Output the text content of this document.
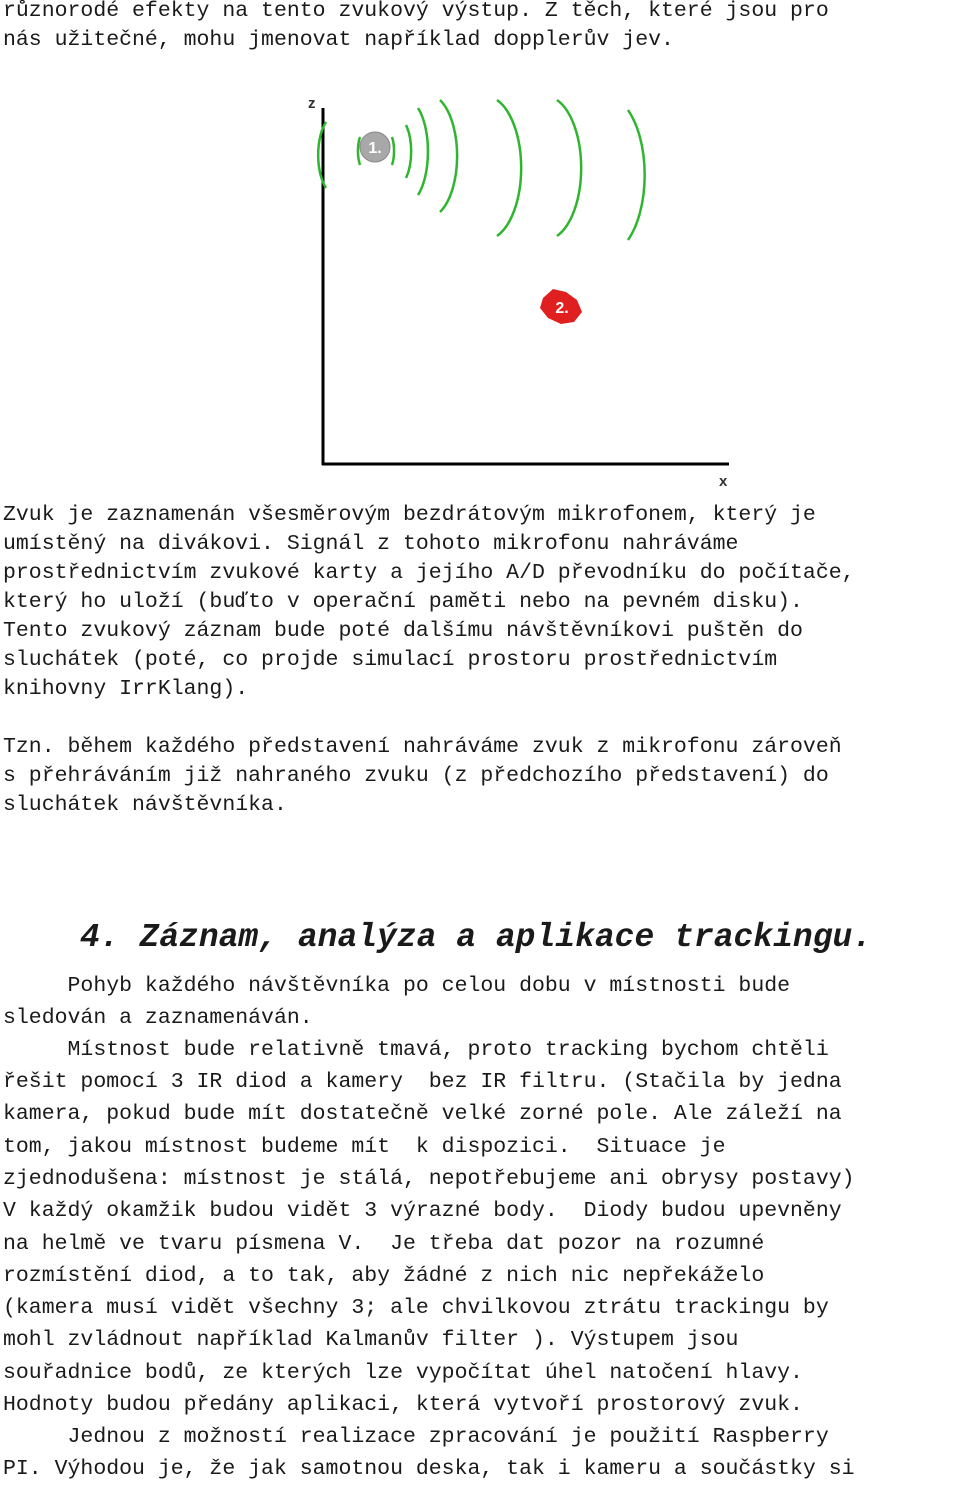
různorodé efekty na tento zvukový výstup. Z těch, které jsou pro
nás užitečné, mohu jmenovat například dopplerův jev.
z
x
1.
2.
Zvuk je zaznamenán všesměrovým bezdrátovým mikrofonem, který je
umístěný na divákovi. Signál z tohoto mikrofonu nahráváme
prostřednictvím zvukové karty a jejího A/D převodníku do počítače,
který ho uloží (buďto v operační paměti nebo na pevném disku).
Tento zvukový záznam bude poté dalšímu návštěvníkovi puštěn do
sluchátek (poté, co projde simulací prostoru prostřednictvím
knihovny IrrKlang).
Tzn. během každého představení nahráváme zvuk z mikrofonu zároveň
s přehráváním již nahraného zvuku (z předchozího představení) do
sluchátek návštěvníka.
4. Záznam, analýza a aplikace trackingu.
Pohyb každého návštěvníka po celou dobu v místnosti bude
sledován a zaznamenáván.
Místnost bude relativně tmavá, proto tracking bychom chtěli
řešit pomocí 3 IR diod a kamery  bez IR filtru. (Stačila by jedna
kamera, pokud bude mít dostatečně velké zorné pole. Ale záleží na
tom, jakou místnost budeme mít  k dispozici.  Situace je
zjednodušena: místnost je stálá, nepotřebujeme ani obrysy postavy)
V každý okamžik budou vidět 3 výrazné body.  Diody budou upevněny
na helmě ve tvaru písmena V.  Je třeba dat pozor na rozumné
rozmístění diod, a to tak, aby žádné z nich nic nepřekáželo
(kamera musí vidět všechny 3; ale chvilkovou ztrátu trackingu by
mohl zvládnout například Kalmanův filter ). Výstupem jsou
souřadnice bodů, ze kterých lze vypočítat úhel natočení hlavy.
Hodnoty budou předány aplikaci, která vytvoří prostorový zvuk.
Jednou z možností realizace zpracování je použití Raspberry
PI. Výhodou je, že jak samotnou deska, tak i kameru a součástky si
